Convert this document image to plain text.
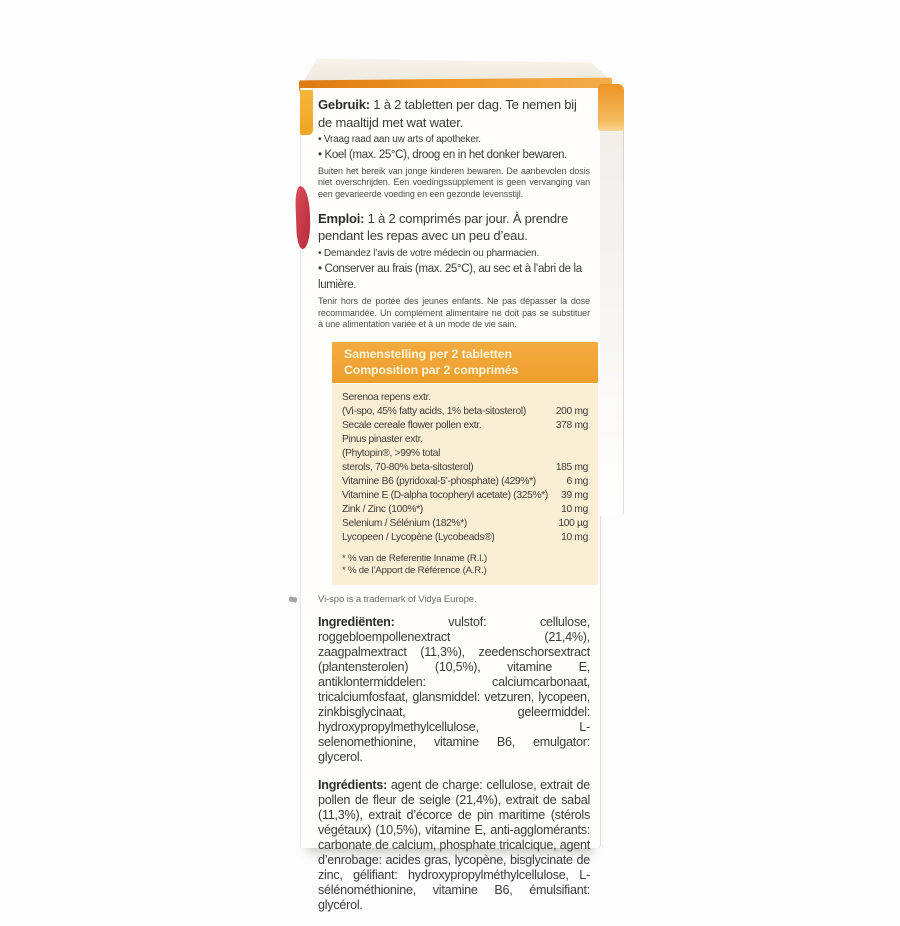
Gebruik: 1 à 2 tabletten per dag. Te nemen bij de maaltijd met wat water.

• Vraag raad aan uw arts of apotheker.

• Koel (max. 25°C), droog en in het donker bewaren.

Buiten het bereik van jonge kinderen bewaren. De aanbevolen dosis niet overschrijden. Een voedingssupplement is geen vervanging van een gevarieerde voeding en een gezonde levensstijl.

Emploi: 1 à 2 comprimés par jour. À prendre pendant les repas avec un peu d’eau.

• Demandez l’avis de votre médecin ou pharmacien.

• Conserver au frais (max. 25°C), au sec et à l’abri de la lumière.

Tenir hors de portée des jeunes enfants. Ne pas dépasser la dose recommandée. Un complément alimentaire ne doit pas se substituer à une alimentation variée et à un mode de vie sain.

Samenstelling per 2 tabletten
Composition par 2 comprimés
Serenoa repens extr.
(Vi-spo, 45% fatty acids, 1% beta-sitosterol)	200 mg
Secale cereale flower pollen extr.	378 mg
Pinus pinaster extr.
(Phytopin®, >99% total
sterols, 70-80% beta-sitosterol)	185 mg
Vitamine B6 (pyridoxal-5’-phosphate) (429%*)	6 mg
Vitamine E (D-alpha tocopheryl acetate) (325%*)	39 mg
Zink / Zinc (100%*)	10 mg
Selenium / Sélénium (182%*)	100 µg
Lycopeen / Lycopène (Lycobeads®)	10 mg
* % van de Referentie Inname (R.I.)
* % de l’Apport de Référence (A.R.)

Vi-spo is a trademark of Vidya Europe.

Ingrediënten: vulstof: cellulose, roggebloempollenextract (21,4%), zaagpalmextract (11,3%), zeedenschorsextract (plantensterolen) (10,5%), vitamine E, antiklontermiddelen: calciumcarbonaat, tricalciumfosfaat, glansmiddel: vetzuren, lycopeen, zinkbisglycinaat, geleermiddel: hydroxypropylmethylcellulose, L-selenomethionine, vitamine B6, emulgator: glycerol.

Ingrédients: agent de charge: cellulose, extrait de pollen de fleur de seigle (21,4%), extrait de sabal (11,3%), extrait d’écorce de pin maritime (stérols végétaux) (10,5%), vitamine E, anti-agglomérants: carbonate de calcium, phosphate tricalcique, agent d’enrobage: acides gras, lycopène, bisglycinate de zinc, gélifiant: hydroxypropylméthylcellulose, L-sélénométhionine, vitamine B6, émulsifiant: glycérol.
